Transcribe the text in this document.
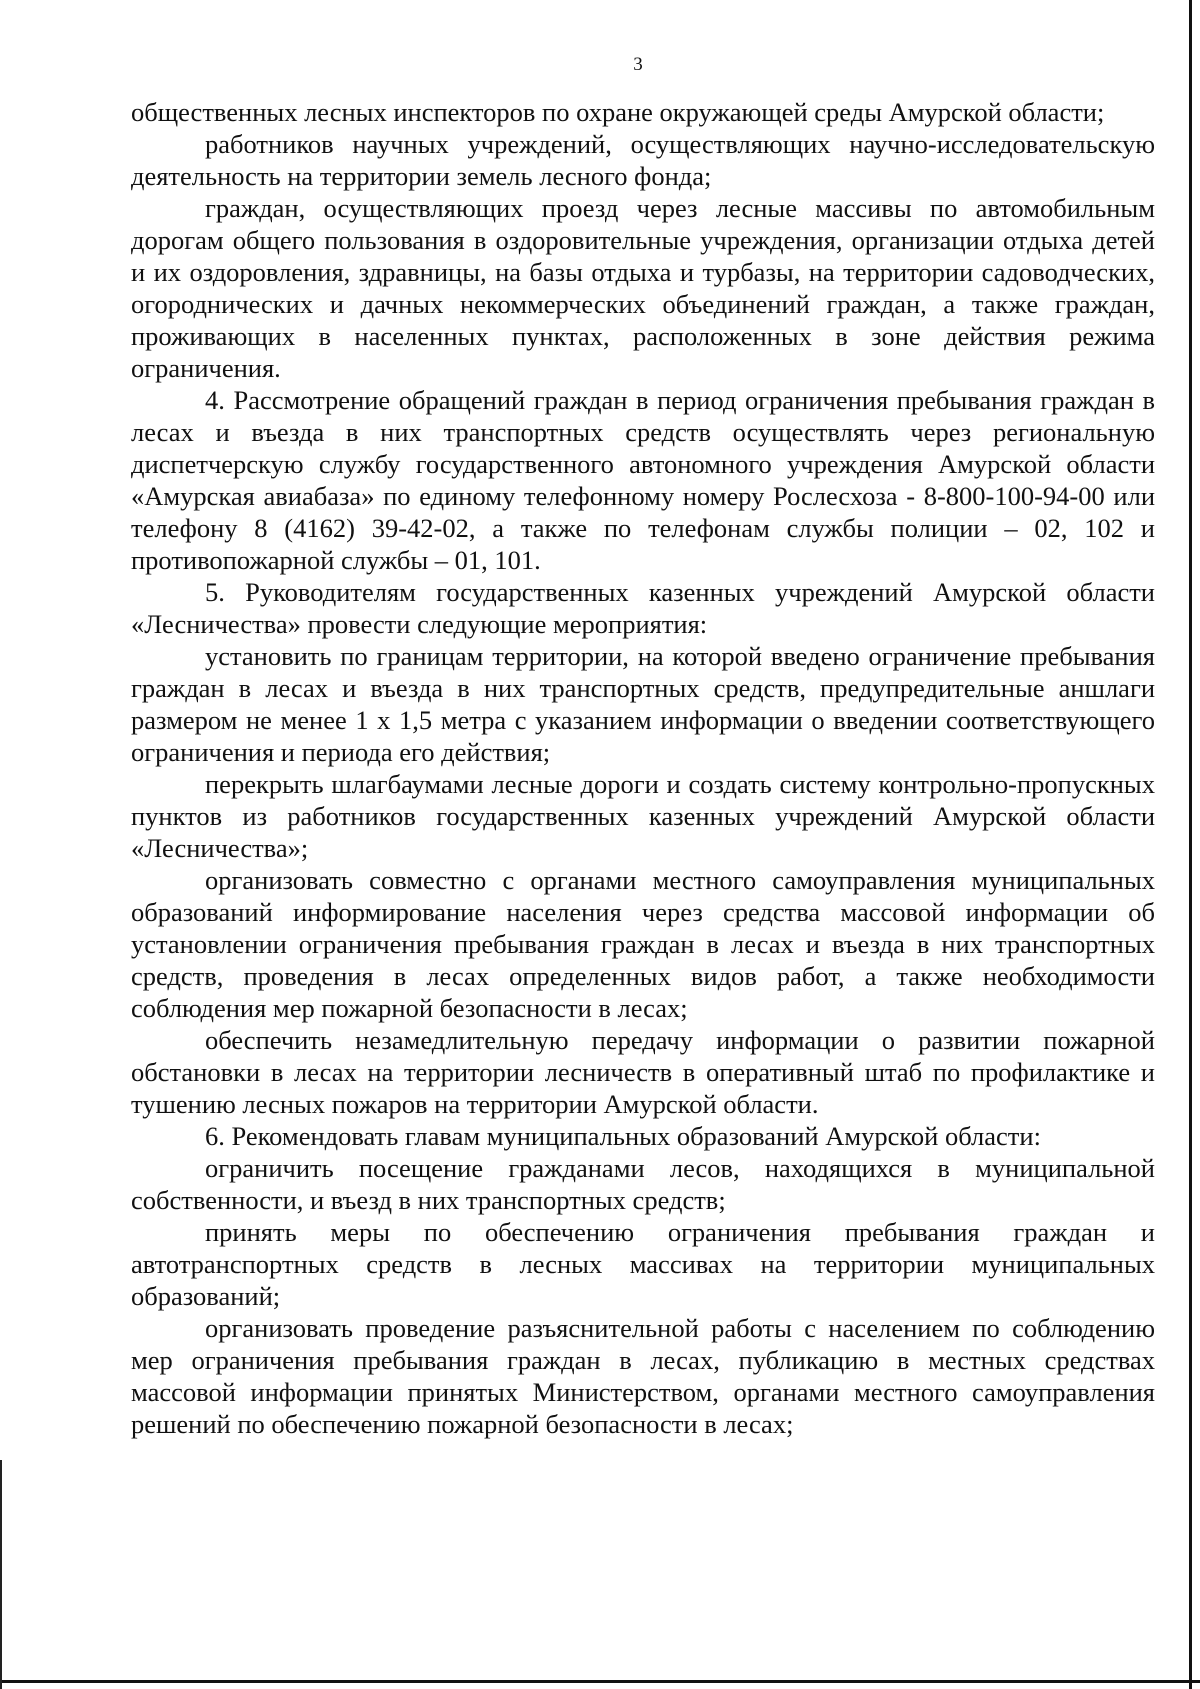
3

общественных лесных инспекторов по охране окружающей среды Амурской области;

работников научных учреждений, осуществляющих научно-исследовательскую деятельность на территории земель лесного фонда;

граждан, осуществляющих проезд через лесные массивы по автомобильным дорогам общего пользования в оздоровительные учреждения, организации отдыха детей и их оздоровления, здравницы, на базы отдыха и турбазы, на территории садоводческих, огороднических и дачных некоммерческих объединений граждан, а также граждан, проживающих в населенных пунктах, расположенных в зоне действия режима ограничения.

4. Рассмотрение обращений граждан в период ограничения пребывания граждан в лесах и въезда в них транспортных средств осуществлять через региональную диспетчерскую службу государственного автономного учреждения Амурской области «Амурская авиабаза» по единому телефонному номеру Рослесхоза - 8-800-100-94-00 или телефону 8 (4162) 39-42-02, а также по телефонам службы полиции – 02, 102 и противопожарной службы – 01, 101.

5. Руководителям государственных казенных учреждений Амурской области «Лесничества» провести следующие мероприятия:

установить по границам территории, на которой введено ограничение пребывания граждан в лесах и въезда в них транспортных средств, предупредительные аншлаги размером не менее 1 х 1,5 метра с указанием информации о введении соответствующего ограничения и периода его действия;

перекрыть шлагбаумами лесные дороги и создать систему контрольно-пропускных пунктов из работников государственных казенных учреждений Амурской области «Лесничества»;

организовать совместно с органами местного самоуправления муниципальных образований информирование населения через средства массовой информации об установлении ограничения пребывания граждан в лесах и въезда в них транспортных средств, проведения в лесах определенных видов работ, а также необходимости соблюдения мер пожарной безопасности в лесах;

обеспечить незамедлительную передачу информации о развитии пожарной обстановки в лесах на территории лесничеств в оперативный штаб по профилактике и тушению лесных пожаров на территории Амурской области.

6. Рекомендовать главам муниципальных образований Амурской области:

ограничить посещение гражданами лесов, находящихся в муниципальной собственности, и въезд в них транспортных средств;

принять меры по обеспечению ограничения пребывания граждан и автотранспортных средств в лесных массивах на территории муниципальных образований;

организовать проведение разъяснительной работы с населением по соблюдению мер ограничения пребывания граждан в лесах, публикацию в местных средствах массовой информации принятых Министерством, органами местного самоуправления решений по обеспечению пожарной безопасности в лесах;
